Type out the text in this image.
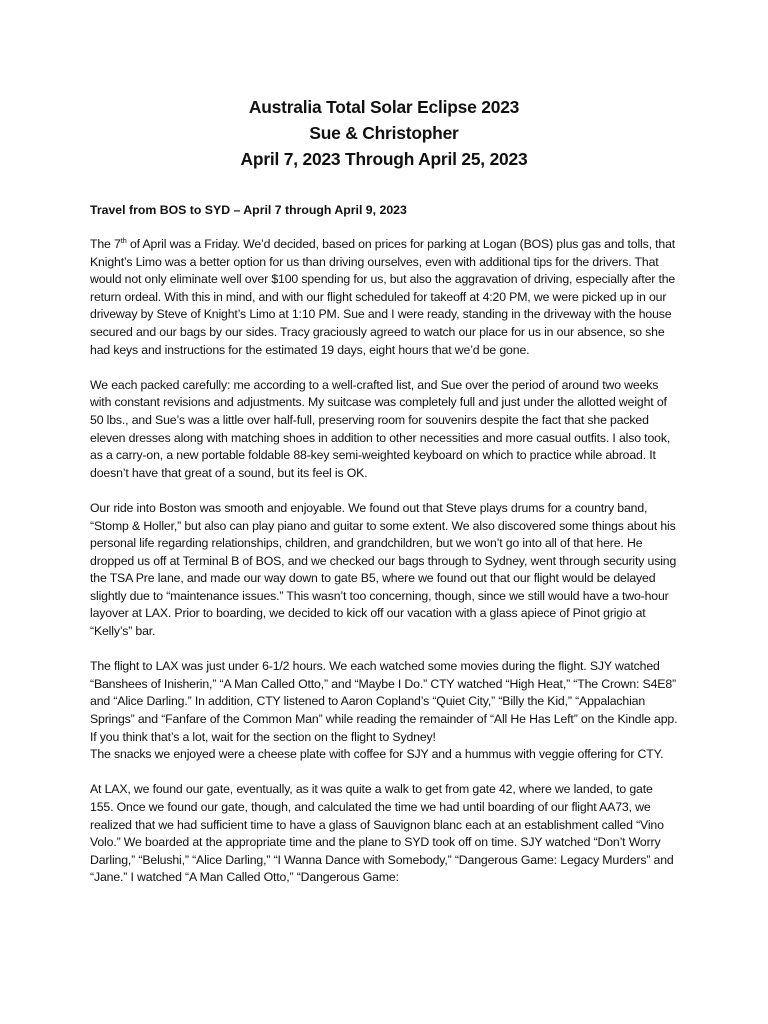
Australia Total Solar Eclipse 2023
Sue & Christopher
April 7, 2023 Through April 25, 2023
Travel from BOS to SYD – April 7 through April 9, 2023

The 7th of April was a Friday. We’d decided, based on prices for parking at Logan (BOS) plus gas and tolls, that Knight’s Limo was a better option for us than driving ourselves, even with additional tips for the drivers. That would not only eliminate well over $100 spending for us, but also the aggravation of driving, especially after the return ordeal. With this in mind, and with our flight scheduled for takeoff at 4:20 PM, we were picked up in our driveway by Steve of Knight’s Limo at 1:10 PM. Sue and I were ready, standing in the driveway with the house secured and our bags by our sides. Tracy graciously agreed to watch our place for us in our absence, so she had keys and instructions for the estimated 19 days, eight hours that we’d be gone.

We each packed carefully: me according to a well-crafted list, and Sue over the period of around two weeks with constant revisions and adjustments. My suitcase was completely full and just under the allotted weight of 50 lbs., and Sue’s was a little over half-full, preserving room for souvenirs despite the fact that she packed eleven dresses along with matching shoes in addition to other necessities and more casual outfits. I also took, as a carry-on, a new portable foldable 88-key semi-weighted keyboard on which to practice while abroad. It doesn’t have that great of a sound, but its feel is OK.

Our ride into Boston was smooth and enjoyable. We found out that Steve plays drums for a country band, “Stomp & Holler,” but also can play piano and guitar to some extent. We also discovered some things about his personal life regarding relationships, children, and grandchildren, but we won’t go into all of that here. He dropped us off at Terminal B of BOS, and we checked our bags through to Sydney, went through security using the TSA Pre lane, and made our way down to gate B5, where we found out that our flight would be delayed slightly due to “maintenance issues.” This wasn’t too concerning, though, since we still would have a two-hour layover at LAX. Prior to boarding, we decided to kick off our vacation with a glass apiece of Pinot grigio at “Kelly’s” bar.

The flight to LAX was just under 6-1/2 hours. We each watched some movies during the flight. SJY watched “Banshees of Inisherin,” “A Man Called Otto,” and “Maybe I Do.” CTY watched “High Heat,” “The Crown: S4E8” and “Alice Darling.” In addition, CTY listened to Aaron Copland’s “Quiet City,” “Billy the Kid,” “Appalachian Springs” and “Fanfare of the Common Man” while reading the remainder of “All He Has Left” on the Kindle app. If you think that’s a lot, wait for the section on the flight to Sydney!
The snacks we enjoyed were a cheese plate with coffee for SJY and a hummus with veggie offering for CTY.

At LAX, we found our gate, eventually, as it was quite a walk to get from gate 42, where we landed, to gate 155. Once we found our gate, though, and calculated the time we had until boarding of our flight AA73, we realized that we had sufficient time to have a glass of Sauvignon blanc each at an establishment called “Vino Volo.” We boarded at the appropriate time and the plane to SYD took off on time. SJY watched “Don’t Worry Darling,” “Belushi,” “Alice Darling,” “I Wanna Dance with Somebody,” “Dangerous Game: Legacy Murders” and “Jane.” I watched “A Man Called Otto,” “Dangerous Game:
